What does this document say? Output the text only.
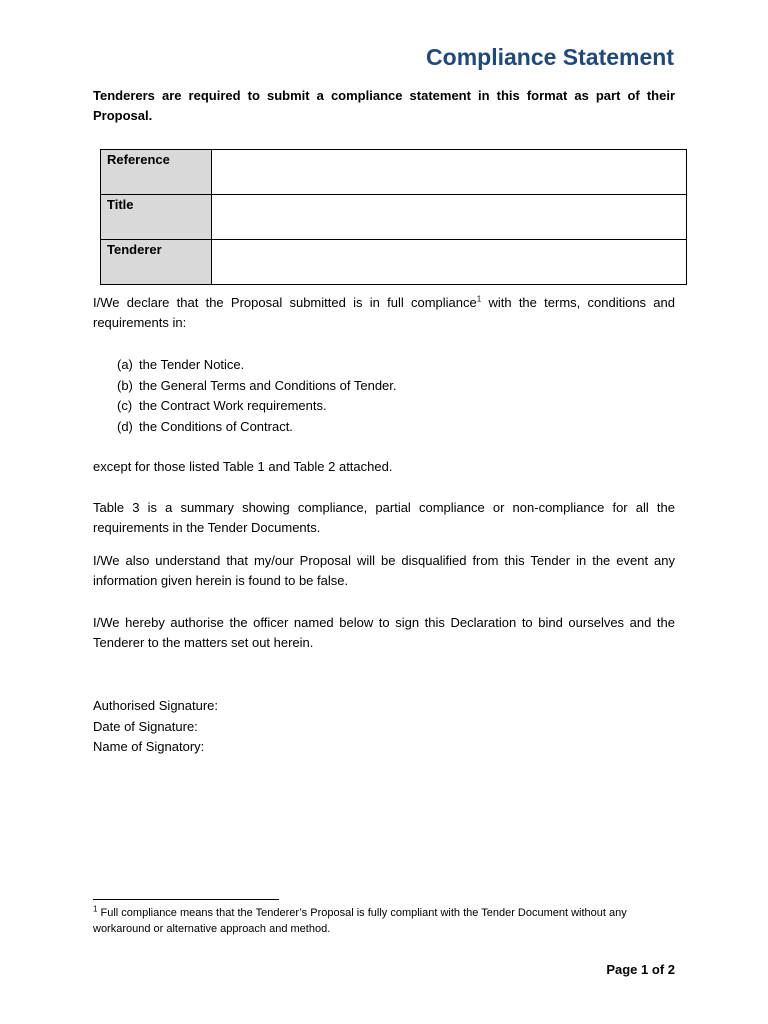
Compliance Statement
Tenderers are required to submit a compliance statement in this format as part of their Proposal.
Reference	
Title	
Tenderer	
I/We declare that the Proposal submitted is in full compliance$^1$ with the terms, conditions and requirements in:
(a) the Tender Notice.
(b) the General Terms and Conditions of Tender.
(c) the Contract Work requirements.
(d) the Conditions of Contract.
except for those listed Table 1 and Table 2 attached.
Table 3 is a summary showing compliance, partial compliance or non-compliance for all the requirements in the Tender Documents.
I/We also understand that my/our Proposal will be disqualified from this Tender in the event any information given herein is found to be false.
I/We hereby authorise the officer named below to sign this Declaration to bind ourselves and the Tenderer to the matters set out herein.
Authorised Signature:
Date of Signature:
Name of Signatory:
$^1$ Full compliance means that the Tenderer’s Proposal is fully compliant with the Tender Document without any workaround or alternative approach and method.
Page 1 of 2
